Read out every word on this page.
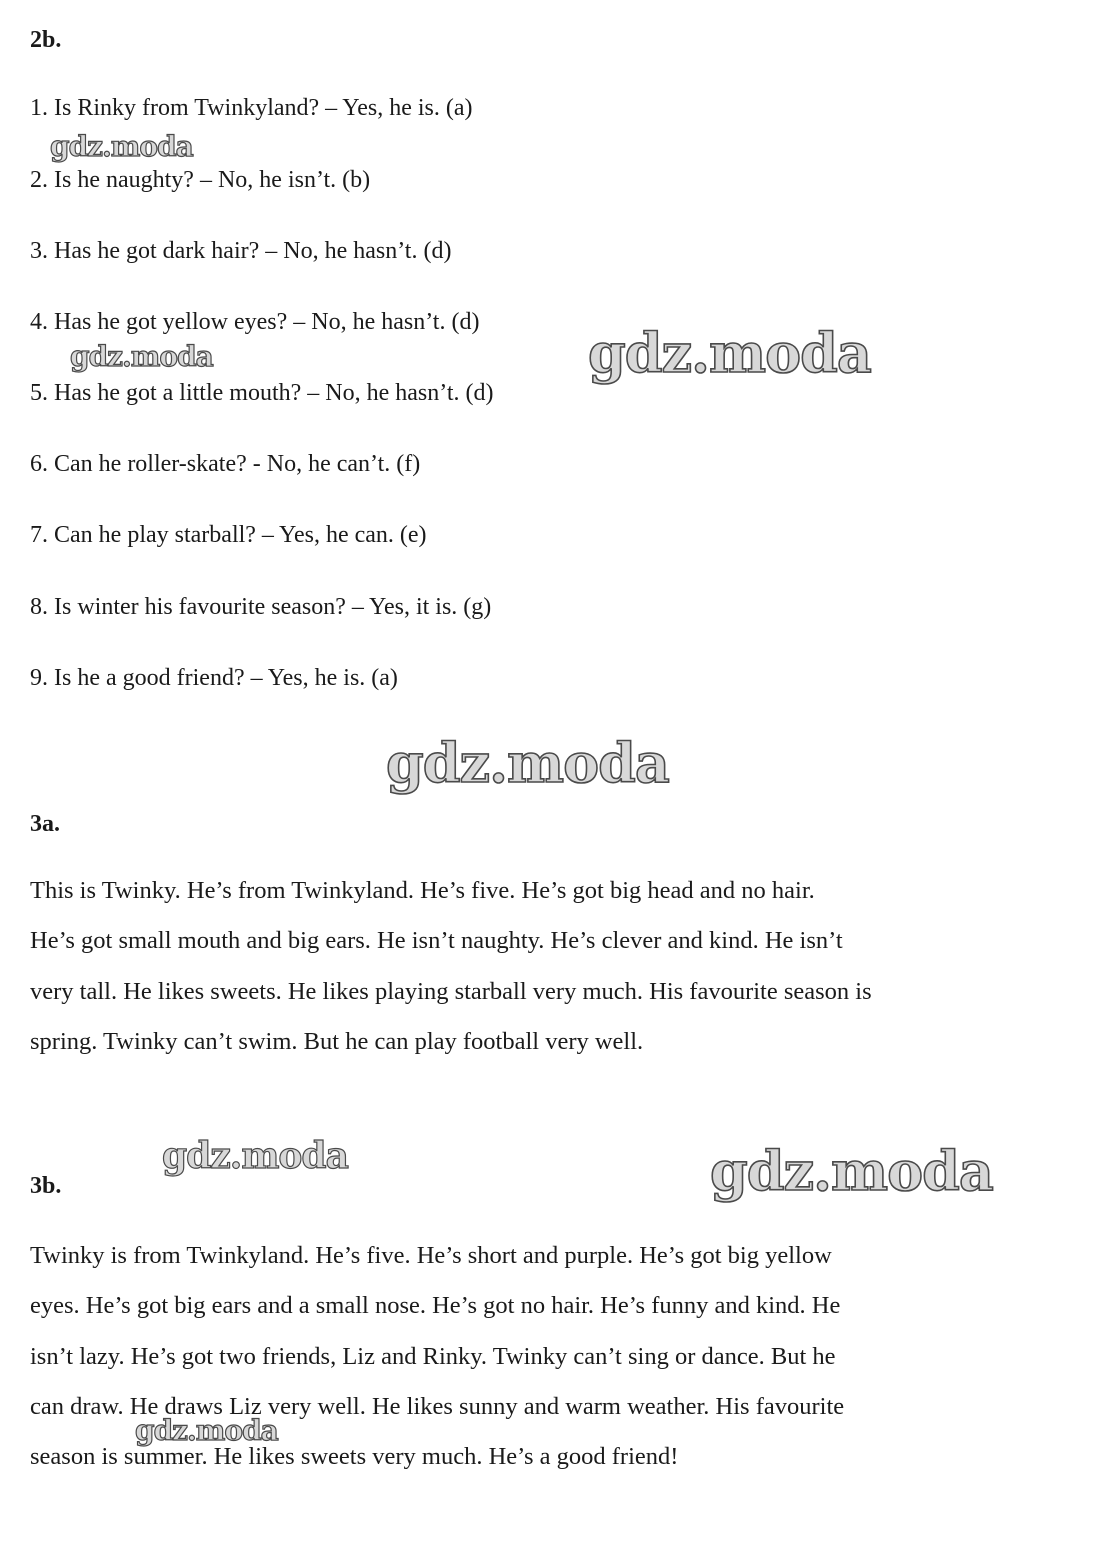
2b.
1. Is Rinky from Twinkyland? – Yes, he is. (a)
2. Is he naughty? – No, he isn’t. (b)
3. Has he got dark hair? – No, he hasn’t. (d)
4. Has he got yellow eyes? – No, he hasn’t. (d)
5. Has he got a little mouth? – No, he hasn’t. (d)
6. Can he roller-skate? - No, he can’t. (f)
7. Can he play starball? – Yes, he can. (e)
8. Is winter his favourite season? – Yes, it is. (g)
9. Is he a good friend? – Yes, he is. (a)
3a.
This is Twinky. He’s from Twinkyland. He’s five. He’s got big head and no hair.
He’s got small mouth and big ears. He isn’t naughty. He’s clever and kind. He isn’t
very tall. He likes sweets. He likes playing starball very much. His favourite season is
spring. Twinky can’t swim. But he can play football very well.
3b.
Twinky is from Twinkyland. He’s five. He’s short and purple. He’s got big yellow
eyes. He’s got big ears and a small nose. He’s got no hair. He’s funny and kind. He
isn’t lazy. He’s got two friends, Liz and Rinky. Twinky can’t sing or dance. But he
can draw. He draws Liz very well. He likes sunny and warm weather. His favourite
season is summer. He likes sweets very much. He’s a good friend!
gdz.moda
gdz.moda	gdz.moda
gdz.moda
gdz.moda	gdz.moda
gdz.moda
